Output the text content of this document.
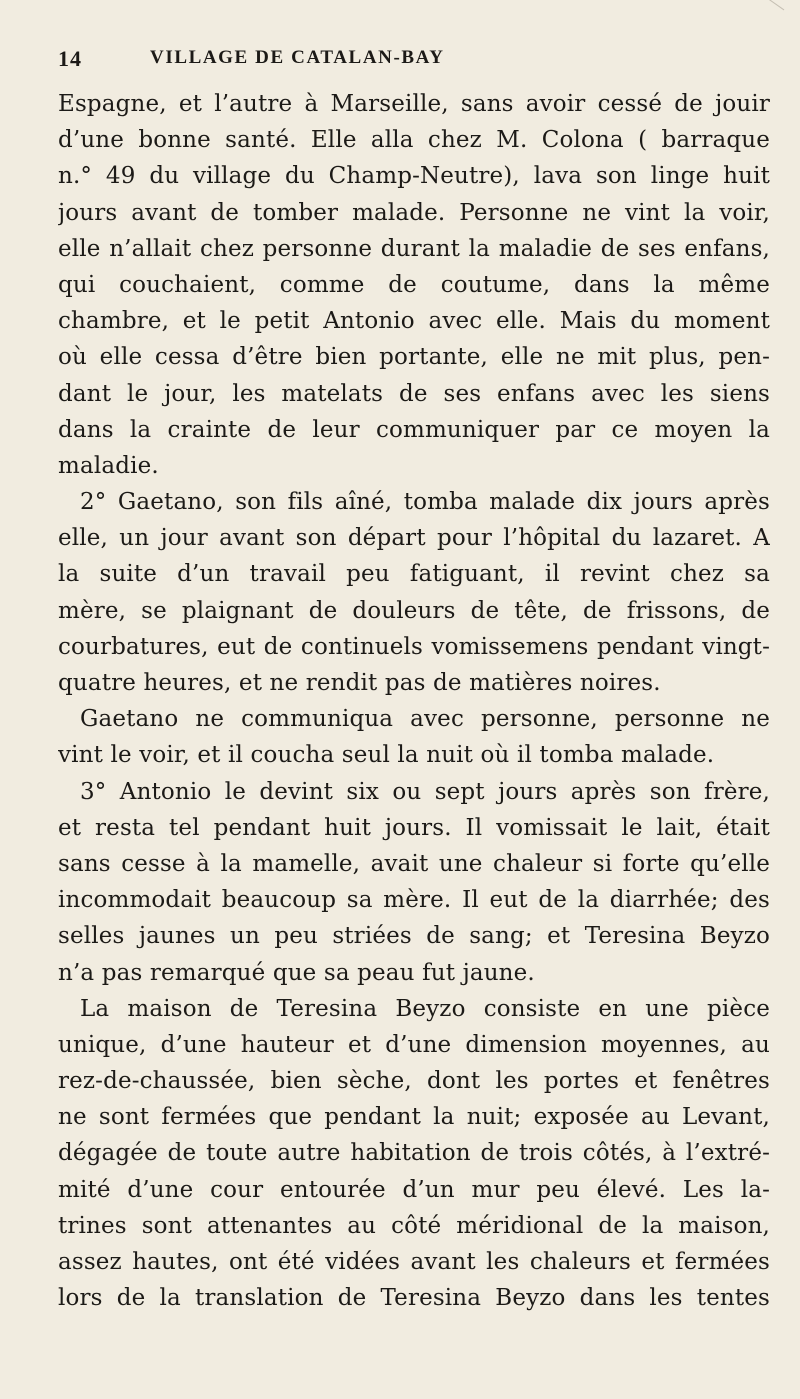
14	VILLAGE DE CATALAN-BAY
Espagne, et l’autre à Marseille, sans avoir cessé de jouir
d’une bonne santé. Elle alla chez M. Colona ( barraque
n.° 49 du village du Champ-Neutre), lava son linge huit
jours avant de tomber malade. Personne ne vint la voir,
elle n’allait chez personne durant la maladie de ses enfans,
qui couchaient, comme de coutume, dans la même
chambre, et le petit Antonio avec elle. Mais du moment
où elle cessa d’être bien portante, elle ne mit plus, pen-
dant le jour, les matelats de ses enfans avec les siens
dans la crainte de leur communiquer par ce moyen la
maladie.
2° Gaetano, son fils aîné, tomba malade dix jours après
elle, un jour avant son départ pour l’hôpital du lazaret. A
la suite d’un travail peu fatiguant, il revint chez sa
mère, se plaignant de douleurs de tête, de frissons, de
courbatures, eut de continuels vomissemens pendant vingt-
quatre heures, et ne rendit pas de matières noires.
Gaetano ne communiqua avec personne, personne ne
vint le voir, et il coucha seul la nuit où il tomba malade.
3° Antonio le devint six ou sept jours après son frère,
et resta tel pendant huit jours. Il vomissait le lait, était
sans cesse à la mamelle, avait une chaleur si forte qu’elle
incommodait beaucoup sa mère. Il eut de la diarrhée; des
selles jaunes un peu striées de sang; et Teresina Beyzo
n’a pas remarqué que sa peau fut jaune.
La maison de Teresina Beyzo consiste en une pièce
unique, d’une hauteur et d’une dimension moyennes, au
rez-de-chaussée, bien sèche, dont les portes et fenêtres
ne sont fermées que pendant la nuit; exposée au Levant,
dégagée de toute autre habitation de trois côtés, à l’extré-
mité d’une cour entourée d’un mur peu élevé. Les la-
trines sont attenantes au côté méridional de la maison,
assez hautes, ont été vidées avant les chaleurs et fermées
lors de la translation de Teresina Beyzo dans les tentes
